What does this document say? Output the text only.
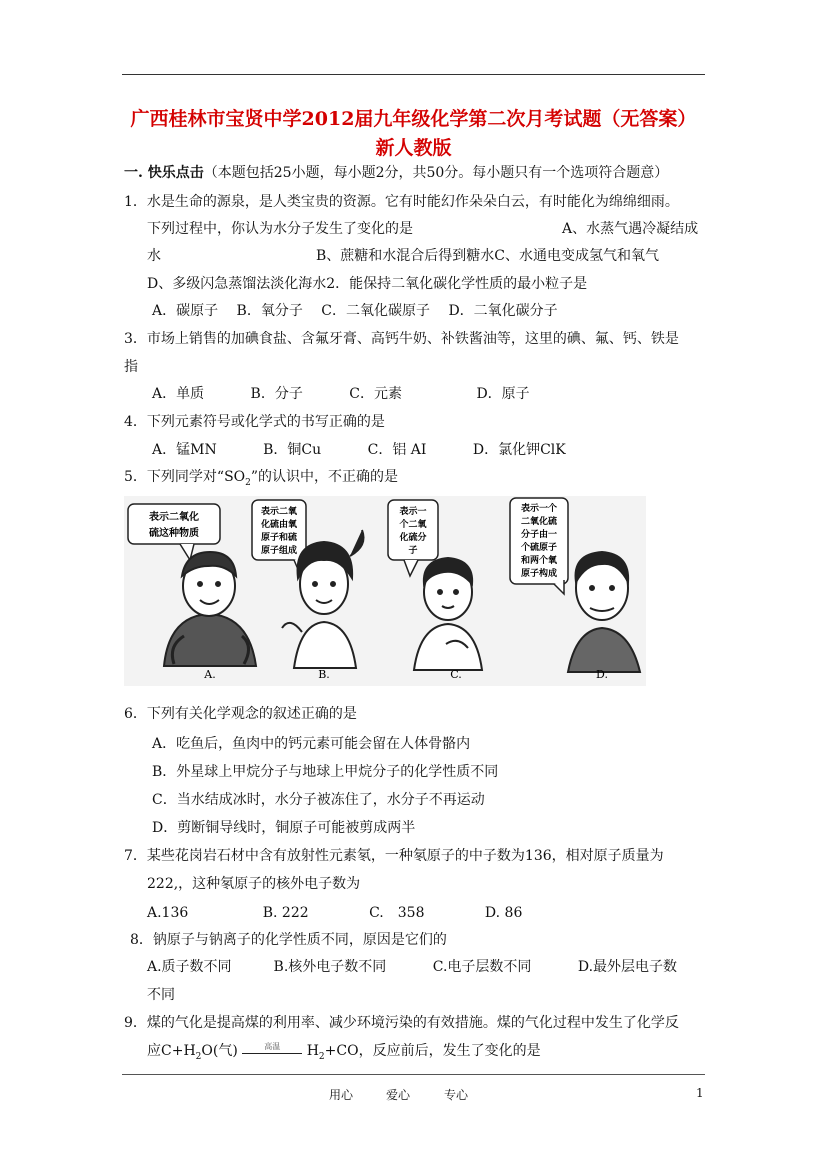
广西桂林市宝贤中学2012届九年级化学第二次月考试题（无答案）
新人教版
一. 快乐点击（本题包括25小题，每小题2分，共50分。每小题只有一个选项符合题意）
1．水是生命的源泉，是人类宝贵的资源。它有时能幻作朵朵白云，有时能化为绵绵细雨。
下列过程中，你认为水分子发生了变化的是	A、水蒸气遇冷凝结成
水	B、蔗糖和水混合后得到糖水C、水通电变成氢气和氧气
D、多级闪急蒸馏法淡化海水2．能保持二氧化碳化学性质的最小粒子是
A．碳原子　 B．氧分子　 C．二氧化碳原子　 D．二氧化碳分子
3．市场上销售的加碘食盐、含氟牙膏、高钙牛奶、补铁酱油等，这里的碘、氟、钙、铁是
指
A．单质　　　 B．分子　　　 C．元素　　　　　 D．原子
4．下列元素符号或化学式的书写正确的是
A．锰MN　　　 B．铜Cu　　　 C．铝 AI　　　 D．氯化钾ClK
5．下列同学对“$SO_2$”的认识中，不正确的是
表示二氧化
硫这种物质
表示二氧
化硫由氧
原子和硫
原子组成
表示一
个二氧
化硫分
子
表示一个
二氧化硫
分子由一
个硫原子
和两个氧
原子构成
A.	B.	C.	D.
6．下列有关化学观念的叙述正确的是
A．吃鱼后，鱼肉中的钙元素可能会留在人体骨骼内
B．外星球上甲烷分子与地球上甲烷分子的化学性质不同
C．当水结成冰时，水分子被冻住了，水分子不再运动
D．剪断铜导线时，铜原子可能被剪成两半
7．某些花岗岩石材中含有放射性元素氡，一种氡原子的中子数为136，相对原子质量为
222,，这种氡原子的核外电子数为
A.136　　　　　 B. 222　　　　 C.　358　　　　 D. 86
8．钠原子与钠离子的化学性质不同，原因是它们的
A.质子数不同　　　B.核外电子数不同　　　 C.电子层数不同　　　 D.最外层电子数
不同
9．煤的气化是提高煤的利用率、减少环境污染的有效措施。煤的气化过程中发生了化学反
应$C+H_2O$(气)	高温	$H_2+CO$，反应前后，发生了变化的是
用心	爱心	专心	1
